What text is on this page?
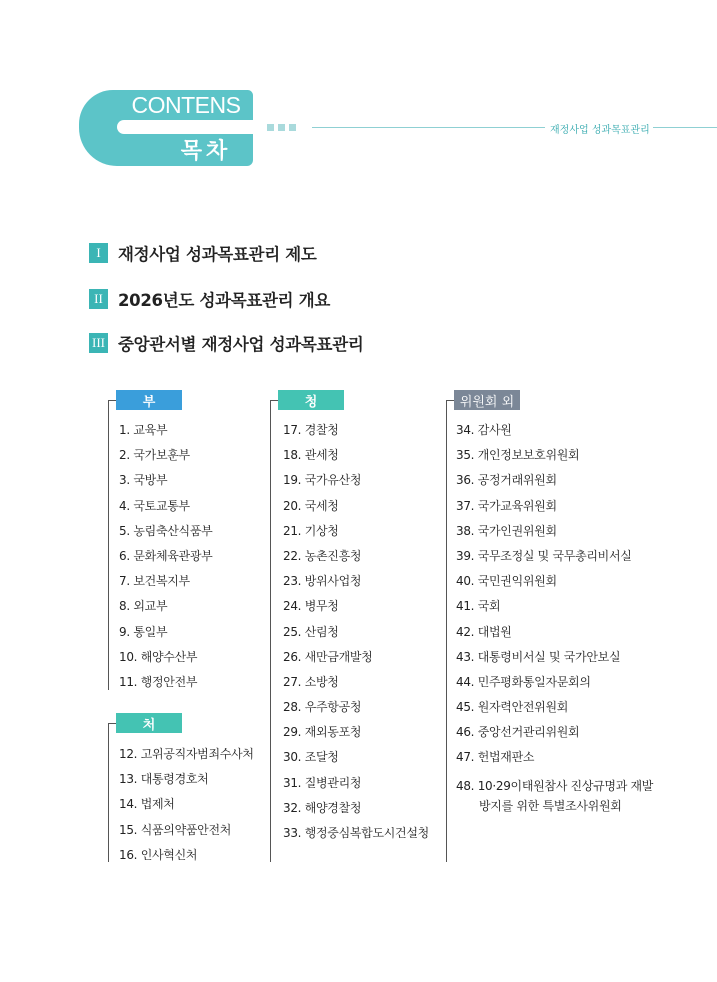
CONTENS
목차
재정사업 성과목표관리
I	재정사업 성과목표관리 제도
II 2026년도 성과목표관리 개요
III 중앙관서별 재정사업 성과목표관리
부
1. 교육부
2. 국가보훈부
3. 국방부
4. 국토교통부
5. 농림축산식품부
6. 문화체육관광부
7. 보건복지부
8. 외교부
9. 통일부
10. 해양수산부
11. 행정안전부
처
12. 고위공직자범죄수사처
13. 대통령경호처
14. 법제처
15. 식품의약품안전처
16. 인사혁신처
청
17. 경찰청
18. 관세청
19. 국가유산청
20. 국세청
21. 기상청
22. 농촌진흥청
23. 방위사업청
24. 병무청
25. 산림청
26. 새만금개발청
27. 소방청
28. 우주항공청
29. 재외동포청
30. 조달청
31. 질병관리청
32. 해양경찰청
33. 행정중심복합도시건설청
위원회 외
34. 감사원
35. 개인정보보호위원회
36. 공정거래위원회
37. 국가교육위원회
38. 국가인권위원회
39. 국무조정실 및 국무총리비서실
40. 국민권익위원회
41. 국회
42. 대법원
43. 대통령비서실 및 국가안보실
44. 민주평화통일자문회의
45. 원자력안전위원회
46. 중앙선거관리위원회
47. 헌법재판소
48. 10·29이태원참사 진상규명과 재발
방지를 위한 특별조사위원회
